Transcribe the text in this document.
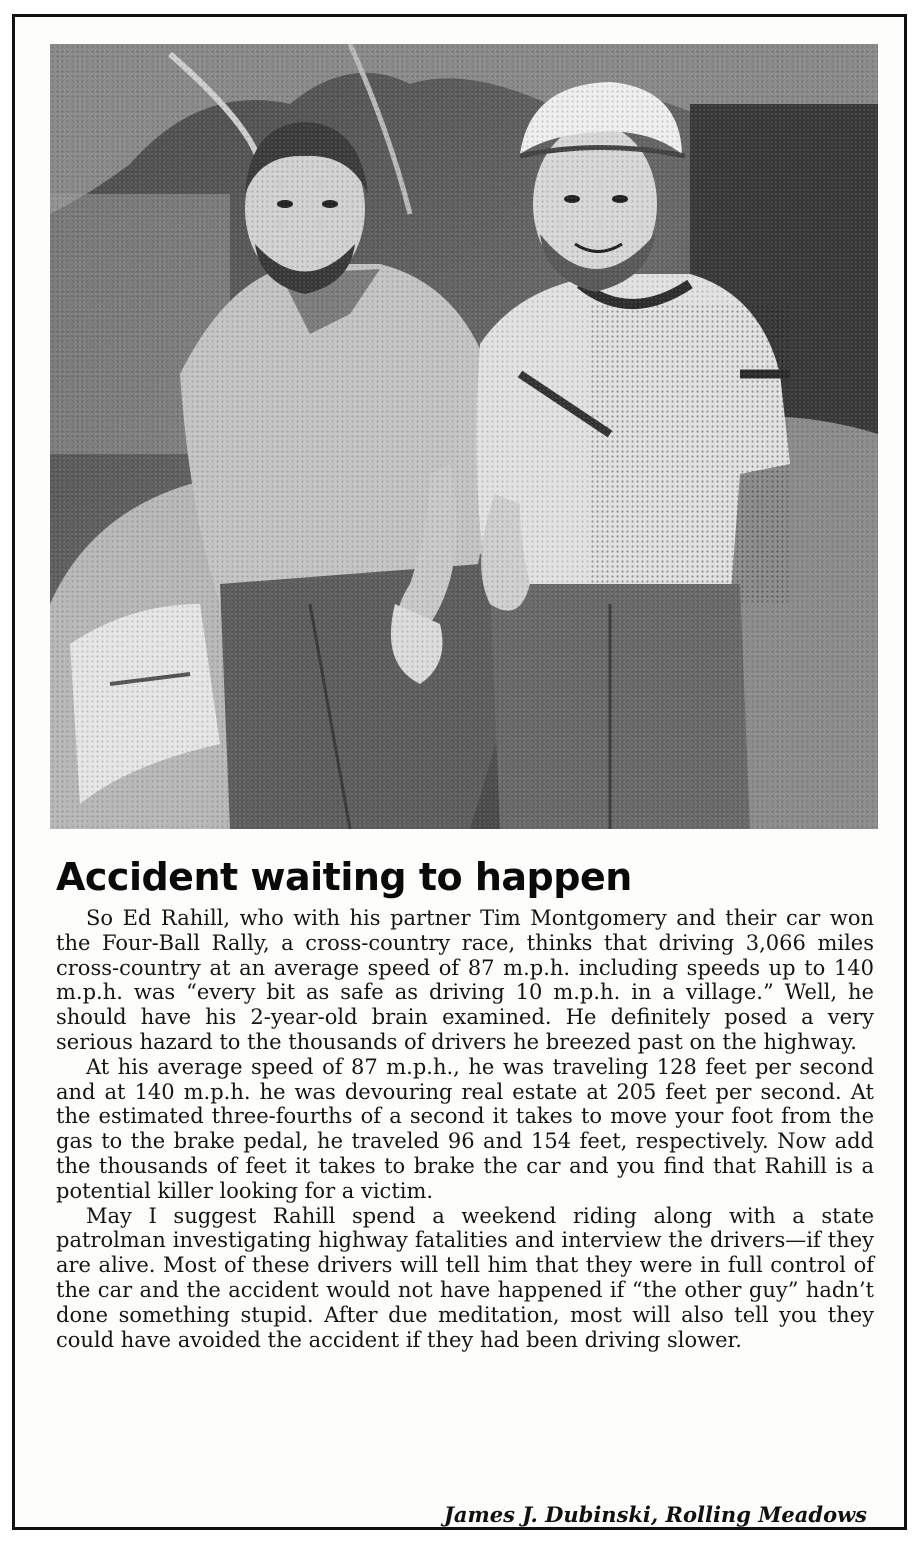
Accident waiting to happen

So Ed Rahill, who with his partner Tim Montgomery and their car won the Four-Ball Rally, a cross-country race, thinks that driving 3,066 miles cross-country at an average speed of 87 m.p.h. including speeds up to 140 m.p.h. was “every bit as safe as driving 10 m.p.h. in a village.” Well, he should have his 2-year-old brain examined. He definitely posed a very serious hazard to the thousands of drivers he breezed past on the highway.

At his average speed of 87 m.p.h., he was traveling 128 feet per second and at 140 m.p.h. he was devouring real estate at 205 feet per second. At the estimated three-fourths of a second it takes to move your foot from the gas to the brake pedal, he traveled 96 and 154 feet, respectively. Now add the thousands of feet it takes to brake the car and you find that Rahill is a potential killer looking for a victim.

May I suggest Rahill spend a weekend riding along with a state patrolman investigating highway fatalities and interview the drivers—if they are alive. Most of these drivers will tell him that they were in full control of the car and the accident would not have happened if “the other guy” hadn’t done something stupid. After due meditation, most will also tell you they could have avoided the accident if they had been driving slower.

James J. Dubinski, Rolling Meadows
